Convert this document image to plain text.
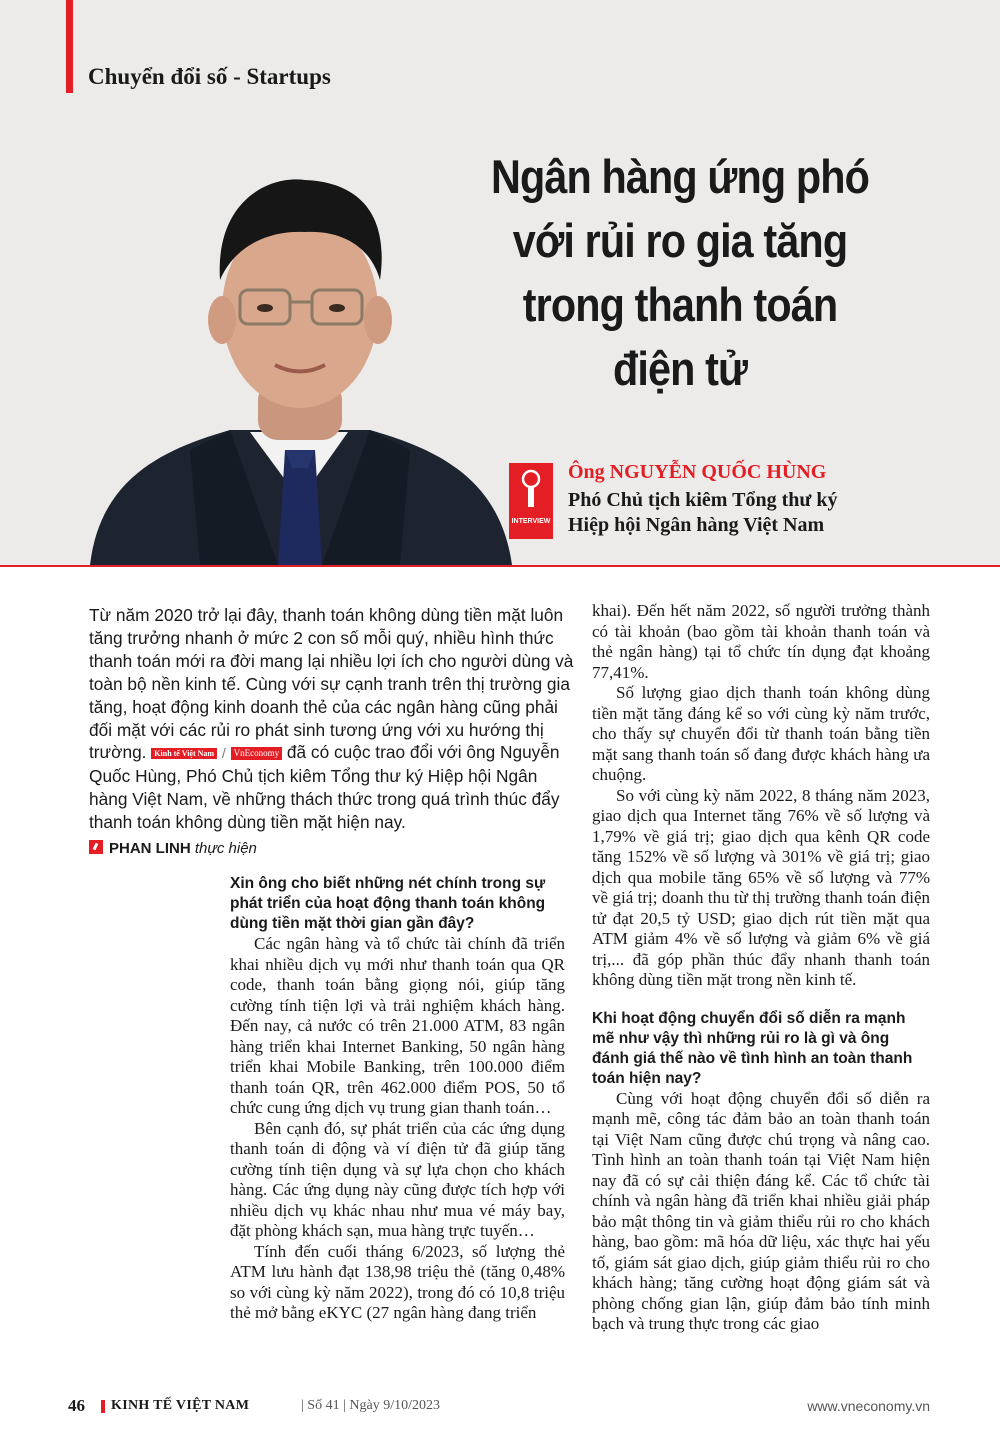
Chuyển đổi số - Startups
Ngân hàng ứng phó
với rủi ro gia tăng
trong thanh toán
điện tử
INTERVIEW
Ông NGUYỄN QUỐC HÙNG
Phó Chủ tịch kiêm Tổng thư ký
Hiệp hội Ngân hàng Việt Nam

Từ năm 2020 trở lại đây, thanh toán không dùng tiền mặt luôn tăng trưởng nhanh ở mức 2 con số mỗi quý, nhiều hình thức thanh toán mới ra đời mang lại nhiều lợi ích cho người dùng và toàn bộ nền kinh tế. Cùng với sự cạnh tranh trên thị trường gia tăng, hoạt động kinh doanh thẻ của các ngân hàng cũng phải đối mặt với các rủi ro phát sinh tương ứng với xu hướng thị trường. Kinh tế Việt Nam / VnEconomy đã có cuộc trao đổi với ông Nguyễn Quốc Hùng, Phó Chủ tịch kiêm Tổng thư ký Hiệp hội Ngân hàng Việt Nam, về những thách thức trong quá trình thúc đẩy thanh toán không dùng tiền mặt hiện nay.

PHAN LINH thực hiện

Xin ông cho biết những nét chính trong sự phát triển của hoạt động thanh toán không dùng tiền mặt thời gian gần đây?

Các ngân hàng và tổ chức tài chính đã triển khai nhiều dịch vụ mới như thanh toán qua QR code, thanh toán bằng giọng nói, giúp tăng cường tính tiện lợi và trải nghiệm khách hàng. Đến nay, cả nước có trên 21.000 ATM, 83 ngân hàng triển khai Internet Banking, 50 ngân hàng triển khai Mobile Banking, trên 100.000 điểm thanh toán QR, trên 462.000 điểm POS, 50 tổ chức cung ứng dịch vụ trung gian thanh toán…

Bên cạnh đó, sự phát triển của các ứng dụng thanh toán di động và ví điện tử đã giúp tăng cường tính tiện dụng và sự lựa chọn cho khách hàng. Các ứng dụng này cũng được tích hợp với nhiều dịch vụ khác nhau như mua vé máy bay, đặt phòng khách sạn, mua hàng trực tuyến…

Tính đến cuối tháng 6/2023, số lượng thẻ ATM lưu hành đạt 138,98 triệu thẻ (tăng 0,48% so với cùng kỳ năm 2022), trong đó có 10,8 triệu thẻ mở bằng eKYC (27 ngân hàng đang triển

khai). Đến hết năm 2022, số người trưởng thành có tài khoản (bao gồm tài khoản thanh toán và thẻ ngân hàng) tại tổ chức tín dụng đạt khoảng 77,41%.

Số lượng giao dịch thanh toán không dùng tiền mặt tăng đáng kể so với cùng kỳ năm trước, cho thấy sự chuyển đổi từ thanh toán bằng tiền mặt sang thanh toán số đang được khách hàng ưa chuộng.

So với cùng kỳ năm 2022, 8 tháng năm 2023, giao dịch qua Internet tăng 76% về số lượng và 1,79% về giá trị; giao dịch qua kênh QR code tăng 152% về số lượng và 301% về giá trị; giao dịch qua mobile tăng 65% về số lượng và 77% về giá trị; doanh thu từ thị trường thanh toán điện tử đạt 20,5 tỷ USD; giao dịch rút tiền mặt qua ATM giảm 4% về số lượng và giảm 6% về giá trị,... đã góp phần thúc đẩy nhanh thanh toán không dùng tiền mặt trong nền kinh tế.

Khi hoạt động chuyển đổi số diễn ra mạnh mẽ như vậy thì những rủi ro là gì và ông đánh giá thế nào về tình hình an toàn thanh toán hiện nay?

Cùng với hoạt động chuyển đổi số diễn ra mạnh mẽ, công tác đảm bảo an toàn thanh toán tại Việt Nam cũng được chú trọng và nâng cao. Tình hình an toàn thanh toán tại Việt Nam hiện nay đã có sự cải thiện đáng kể. Các tổ chức tài chính và ngân hàng đã triển khai nhiều giải pháp bảo mật thông tin và giảm thiểu rủi ro cho khách hàng, bao gồm: mã hóa dữ liệu, xác thực hai yếu tố, giám sát giao dịch, giúp giảm thiểu rủi ro cho khách hàng; tăng cường hoạt động giám sát và phòng chống gian lận, giúp đảm bảo tính minh bạch và trung thực trong các giao

46 KINH TẾ VIỆT NAM	| Số 41 | Ngày 9/10/2023	www.vneconomy.vn
